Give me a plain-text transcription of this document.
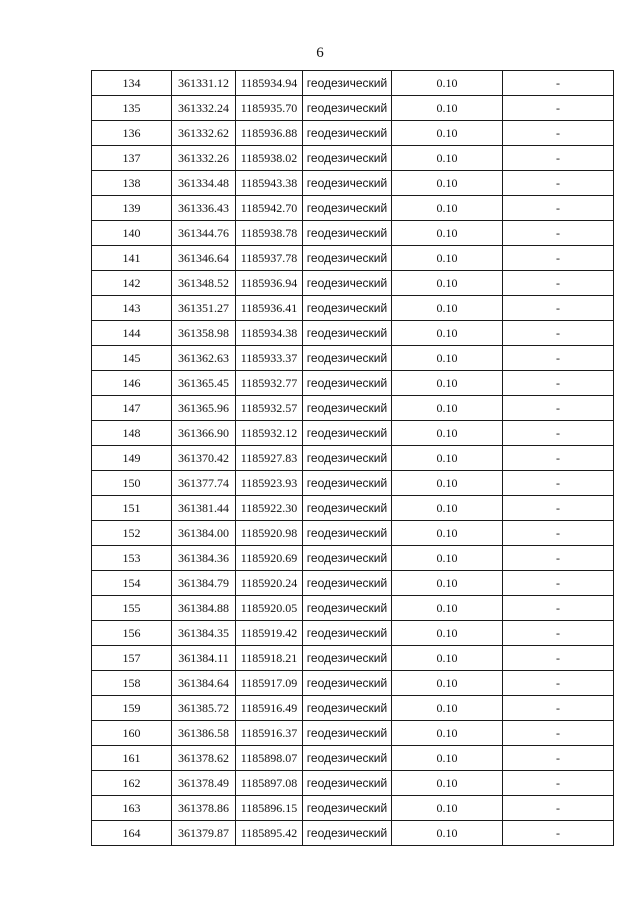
6
134	361331.12	1185934.94	геодезический	0.10	-
135	361332.24	1185935.70	геодезический	0.10	-
136	361332.62	1185936.88	геодезический	0.10	-
137	361332.26	1185938.02	геодезический	0.10	-
138	361334.48	1185943.38	геодезический	0.10	-
139	361336.43	1185942.70	геодезический	0.10	-
140	361344.76	1185938.78	геодезический	0.10	-
141	361346.64	1185937.78	геодезический	0.10	-
142	361348.52	1185936.94	геодезический	0.10	-
143	361351.27	1185936.41	геодезический	0.10	-
144	361358.98	1185934.38	геодезический	0.10	-
145	361362.63	1185933.37	геодезический	0.10	-
146	361365.45	1185932.77	геодезический	0.10	-
147	361365.96	1185932.57	геодезический	0.10	-
148	361366.90	1185932.12	геодезический	0.10	-
149	361370.42	1185927.83	геодезический	0.10	-
150	361377.74	1185923.93	геодезический	0.10	-
151	361381.44	1185922.30	геодезический	0.10	-
152	361384.00	1185920.98	геодезический	0.10	-
153	361384.36	1185920.69	геодезический	0.10	-
154	361384.79	1185920.24	геодезический	0.10	-
155	361384.88	1185920.05	геодезический	0.10	-
156	361384.35	1185919.42	геодезический	0.10	-
157	361384.11	1185918.21	геодезический	0.10	-
158	361384.64	1185917.09	геодезический	0.10	-
159	361385.72	1185916.49	геодезический	0.10	-
160	361386.58	1185916.37	геодезический	0.10	-
161	361378.62	1185898.07	геодезический	0.10	-
162	361378.49	1185897.08	геодезический	0.10	-
163	361378.86	1185896.15	геодезический	0.10	-
164	361379.87	1185895.42	геодезический	0.10	-
